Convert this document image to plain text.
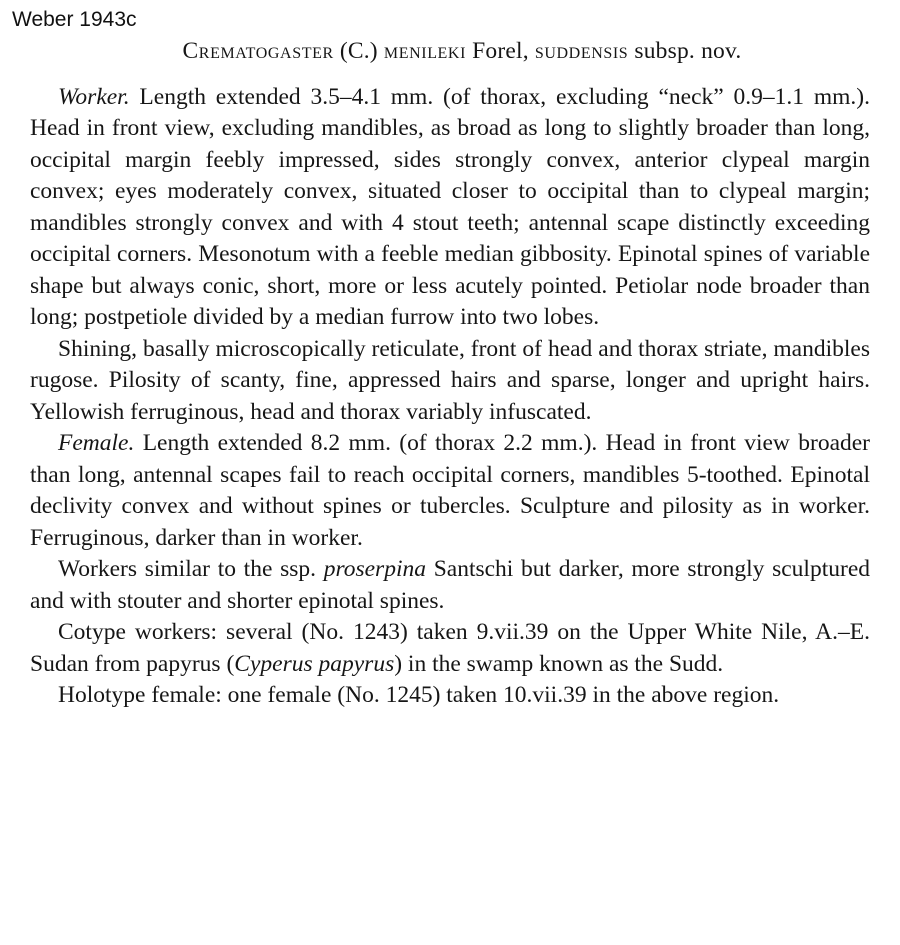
Weber 1943c

Crematogaster (C.) menileki Forel, suddensis subsp. nov.

Worker. Length extended 3.5–4.1 mm. (of thorax, excluding “neck” 0.9–1.1 mm.). Head in front view, excluding mandibles, as broad as long to slightly broader than long, occipital margin feebly impressed, sides strongly convex, anterior clypeal margin convex; eyes moderately convex, situated closer to occipital than to clypeal margin; mandibles strongly convex and with 4 stout teeth; antennal scape distinctly exceeding occipital corners. Mesonotum with a feeble median gibbosity. Epinotal spines of variable shape but always conic, short, more or less acutely pointed. Petiolar node broader than long; postpetiole divided by a median furrow into two lobes.

Shining, basally microscopically reticulate, front of head and thorax striate, mandibles rugose. Pilosity of scanty, fine, appressed hairs and sparse, longer and upright hairs. Yellowish ferruginous, head and thorax variably infuscated.

Female. Length extended 8.2 mm. (of thorax 2.2 mm.). Head in front view broader than long, antennal scapes fail to reach occipital corners, mandibles 5-toothed. Epinotal declivity convex and without spines or tubercles. Sculpture and pilosity as in worker. Ferruginous, darker than in worker.

Workers similar to the ssp. proserpina Santschi but darker, more strongly sculptured and with stouter and shorter epinotal spines.

Cotype workers: several (No. 1243) taken 9.vii.39 on the Upper White Nile, A.–E. Sudan from papyrus (Cyperus papyrus) in the swamp known as the Sudd.

Holotype female: one female (No. 1245) taken 10.vii.39 in the above region.
